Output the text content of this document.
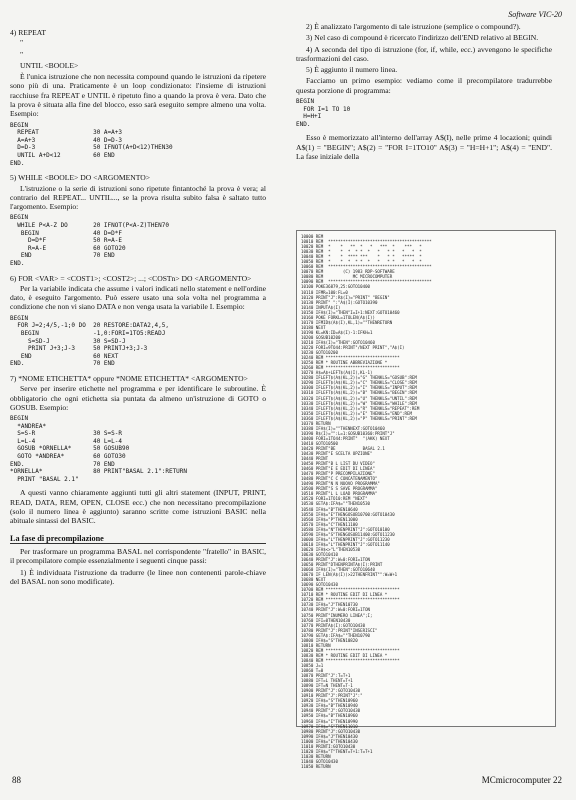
Software VIC-20
4) REPEAT
"
"
UNTIL <BOOLE>
È l'unica istruzione che non necessita compound quando le istruzioni da ripetere sono più di una. Praticamente è un loop condizionato: l'insieme di istruzioni racchiuse fra REPEAT e UNTIL è ripetuto fino a quando la prova è vera. Dato che la prova è situata alla fine del blocco, esso sarà eseguito sempre almeno una volta. Esempio:
BEGIN
REPEAT               30 A=A+3
A=A+3                40 D=D-3
D=D-3                50 IFNOT(A+D<12)THEN30
UNTIL A+D<12         60 END
END.
5) WHILE <BOOLE> DO <ARGOMENTO>
L'istruzione o la serie di istruzioni sono ripetute fintantoché la prova è vera; al contrario del REPEAT... UNTIL..., se la prova risulta subito falsa è saltato tutto l'argomento. Esempio:
BEGIN
WHILE P<A-Z DO       20 IFNOT(P<A-Z)THEN70
BEGIN               40 D=D*F
D=D*F             50 R=A-E
R=A-E             60 GOTO20
END                 70 END
END.
6) FOR <VAR> = <COST1>; <COST2>; ...; <COSTn> DO <ARGOMENTO>
Per la variabile indicata che assume i valori indicati nello statement e nell'ordine dato, è eseguito l'argomento. Può essere usato una sola volta nel programma a condizione che non vi siano DATA e non venga usata la variabile I. Esempio:
BEGIN
FOR J=2;4/5,-1;0 DO  20 RESTORE:DATA2,4,5,
BEGIN               -1,0:FORI=1TO5:READJ
S=SD-J            30 S=SD-J
PRINT J+3;J-3     50 PRINTJ+3;J-3
END                 60 NEXT
END.                   70 END
7) *NOME ETICHETTA* oppure *NOME ETICHETTA* <ARGOMENTO>
Serve per inserire etichette nel programma e per identificare le subroutine. È obbligatorio che ogni etichetta sia puntata da almeno un'istruzione di GOTO o GOSUB. Esempio:
BEGIN
*ANDREA*
S=S-R                30 S=S-R
L=L-4                40 L=L-4
GOSUB *ORNELLA*      50 GOSUB90
GOTO *ANDREA*        60 GOTO30
END.                   70 END
*ORNELLA*              80 PRINT"BASAL 2.1":RETURN
PRINT "BASAL 2.1"
A questi vanno chiaramente aggiunti tutti gli altri statement (INPUT, PRINT, READ, DATA, REM, OPEN, CLOSE ecc.) che non necessitano precompilazione (solo il numero linea è aggiunto) saranno scritte come istruzioni BASIC nella abituale sintassi del BASIC.
La fase di precompilazione
Per trasformare un programma BASAL nel corrispondente "fratello" in BASIC, il precompilatore compie essenzialmente i seguenti cinque passi:
1) È individuata l'istruzione da tradurre (le linee non contenenti parole-chiave del BASAL non sono modificate).
2) È analizzato l'argomento di tale istruzione (semplice o compound?).
3) Nel caso di compound è ricercato l'indirizzo dell'END relativo al BEGIN.
4) A seconda del tipo di istruzione (for, if, while, ecc.) avvengono le specifiche trasformazioni del caso.
5) È aggiunto il numero linea.
Facciamo un primo esempio: vediamo come il precompilatore tradurrebbe questa porzione di programma:
BEGIN
FOR I=1 TO 10
H=H+I
END.
Esso è memorizzato all'interno dell'array A$(I), nelle prime 4 locazioni; quindi A$(1) = "BEGIN"; A$(2) = "FOR I=1TO10" A$(3) = "H=H+1"; A$(4) = "END". La fase iniziale della
10000 REM
10010 REM  ******************************************
10020 REM  *    *   **  *   *   ***  *    ***   *
10030 REM  *    *  *  * *  *   *   * *   *   *  *
10040 REM  *    *  **** ***    *   * *   *****  *
10050 REM  *    *  *  * *  *   *   * *   *   *  *
10060 REM  ******************************************
10070 REM        (C) 1983 RDP-SOFTWARE
10080 REM            MC MICROCOMPUTER
10090 REM  ******************************************
10100 POKE36879,25:GOTO10400
10110 IFMR=100:FL=0
10120 PRINT"J":R$(I)="PRINT" "BEGIN"
10130 PRINT" ":"A$(I):GOTO10390
10140 INPUTA$(I)
10150 IFA$(I)="THEN"I=I+1:NEXT:GOTO10460
10160 POKE FORKL=1TOLEN(A$(I))
10170 IFMID$(A$(I),KL,1)=""THENRETURN
10180 NEXT
10190 KL=KN:ID=A$(I)-1:IFKH=1
10200 GOSUB10200
10210 IFA$(I)="THEN":GOTO10460
10220 FORI=9TO44:PRINT"/NEXT PRINT","A$(I)
10230 GOTO10200
10240 REM ******************************
10250 REM * ROUTINE ABBREVIAZIONE *
10260 REM ******************************
10270 A$=A$+LEFT$(A$(I),KL-1)
10280 IFLEFT$(A$(KL,2))="G" THENKLS="GOSUB":REM
10290 IFLEFT$(A$(KL,2))="C" THENKLS="CLOSE":REM
10300 IFLEFT$(A$(KL,2))="I" THENKLS="INPUT":REM
10310 IFLEFT$(A$(KL,2))="B" THENKLS="BEGIN":REM
10320 IFLEFT$(A$(KL,2))="U" THENKLS="UNTIL":REM
10330 IFLEFT$(A$(KL,2))="W" THENKLS="WHILE":REM
10340 IFLEFT$(A$(KL,2))="R" THENKLS="REPEAT":REM
10350 IFLEFT$(A$(KL,2))="E" THENKLS="END":REM
10360 IFLEFT$(A$(KL,2))="P" THENKLS="PRINT":REM
10370 RETURN
10380 IFA$(I)=""THENNEXT:GOTO10460
10390 R$(I)="":L=1:GOSUB10360:PRINT"J"
10400 FORI=1TO44:PRINT"  "(AKK) NEXT
10410 GOTO10500
10420 PRINT"BE           BASAL 2.1
10430 PRINT"E SCELTA OPZIONE"
10440 PRINT
10450 PRINT"B L LIST DU VIDEO"
10460 PRINT"E E EDIT DI LINEA"
10470 PRINT"P PRECOMPILAZIONE"
10480 PRINT"C C CONCATENAMENTO"
10490 PRINT"N N NUOVO PROGRAMMA"
10500 PRINT"S S SAVE PROGRAMMA"
10510 PRINT"L L LOAD PROGRAMMA"
10520 FORI=1TO10:REM "NEXT"
10530 GETA$:IFA$=""THEN10530
10540 IFA$="B"THEN10640
10550 IFA$="E"THENGOSUB10700:GOTO10430
10560 IFA$="P"THEN11000
10570 IFA$="C"THEN11100
10580 IFA$="N"THENPRINT"J":GOTO10100
10590 IFA$="S"THENGOSUB11400:GOTO11230
10600 IFA$="L"THENPRINT"J":GOTO11230
10610 IFA$="L"THENPRINT"J":GOTO11140
10620 IFA$<>"L"THEN10530
10630 GOTO10410
10640 PRINT"J":W=0:FORI=1TON
10650 PRINT"DTHENPRINTA$(I):PRINT
10660 IFA$(I)="THEN":GOTO10640
10670 IF LEN(A$(I))>22THENFRINT"":W=W+1
10680 NEXT
10690 GOTO10430
10700 REM ******************************
10710 REM * ROUTINE EDIT DI LINEA *
10720 REM ******************************
10730 IFA$="J"THEN10730
10740 PRINT"J":W=0:FORI=1TON
10750 PRINT"INUMERO LINEA";I;
10760 IFI=0THEN10430
10770 PRINTA$(I):GOTO10430
10780 PRINT"J":PRINT"INSERISCI"
10790 GETA$:IFA$=""THEN10790
10800 IFA$="S"THEN10820
10810 RETURN
10820 REM ******************************
10830 REM * ROUTINE EDIT DI LINEA *
10840 REM ******************************
10850 J=1
10860 T=0
10870 PRINT"J":T=T+1
10880 IFT=L THENT=T+1
10890 IFT=N THENT=T-1
10900 PRINT"J":GOTO10430
10910 PRINT"J":PRINT"J":"
10920 IFA$="S"THEN10960
10930 IFA$="B"THEN10940
10940 PRINT"J":GOTO10430
10950 IFA$="B"THEN10960
10960 IFA$="I"THEN10990
10970 IFA$="S"THEN11010
10980 PRINT"J":GOTO10430
10990 IFA$="J"THEN10430
11000 IFA$="E"THEN10430
11010 PRINTI:GOTO10430
11020 IFA$="T"THENT=T+1:T=T+1
11030 RETURN
11040 GOTO10430
11050 RETURN
88	MCmicrocomputer 22
